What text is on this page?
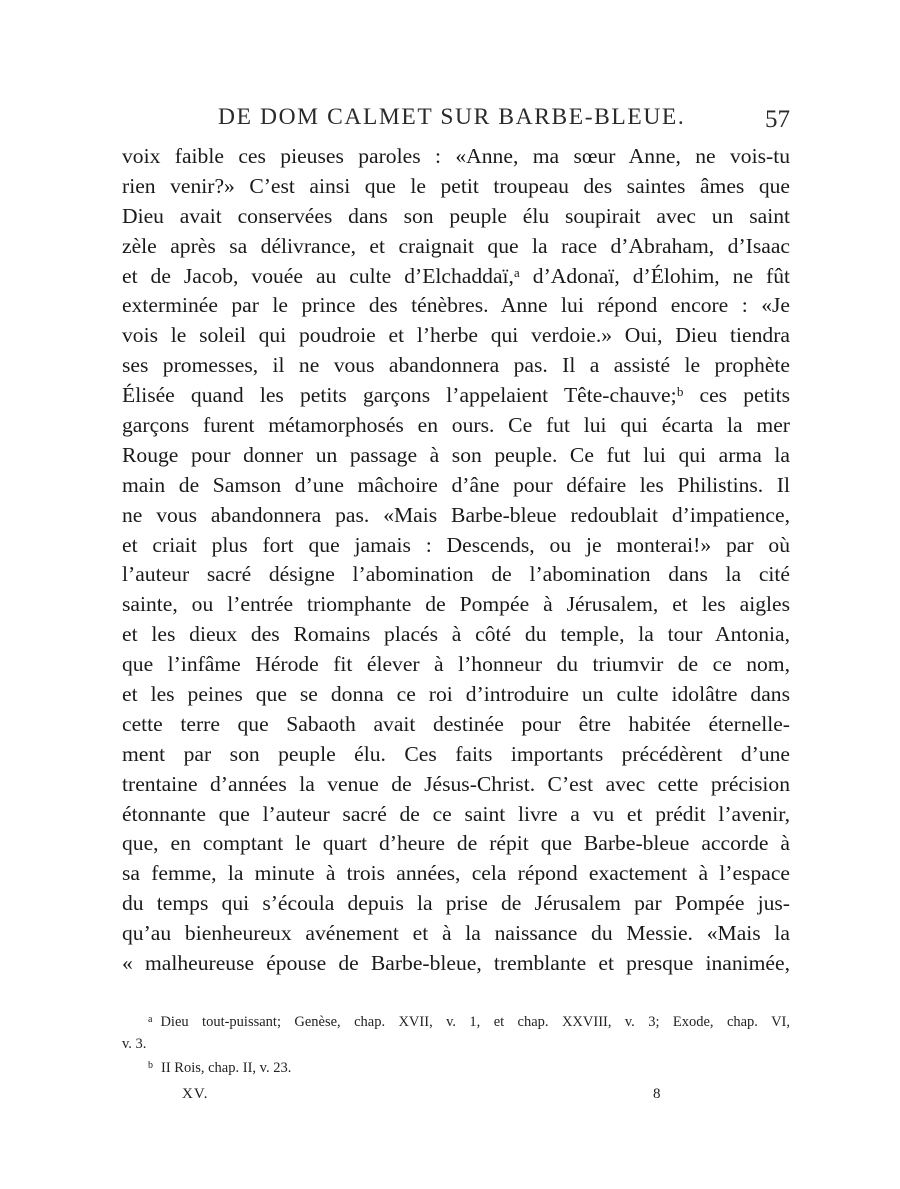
DE DOM CALMET SUR BARBE-BLEUE.	57
voix faible ces pieuses paroles : «Anne, ma sœur Anne, ne vois-tu
rien venir?» C’est ainsi que le petit troupeau des saintes âmes que
Dieu avait conservées dans son peuple élu soupirait avec un saint
zèle après sa délivrance, et craignait que la race d’Abraham, d’Isaac
et de Jacob, vouée au culte d’Elchaddaï,ᵃ d’Adonaï, d’Élohim, ne fût
exterminée par le prince des ténèbres. Anne lui répond encore : «Je
vois le soleil qui poudroie et l’herbe qui verdoie.» Oui, Dieu tiendra
ses promesses, il ne vous abandonnera pas. Il a assisté le prophète
Élisée quand les petits garçons l’appelaient Tête-chauve;ᵇ ces petits
garçons furent métamorphosés en ours. Ce fut lui qui écarta la mer
Rouge pour donner un passage à son peuple. Ce fut lui qui arma la
main de Samson d’une mâchoire d’âne pour défaire les Philistins. Il
ne vous abandonnera pas. «Mais Barbe-bleue redoublait d’impatience,
et criait plus fort que jamais : Descends, ou je monterai!» par où
l’auteur sacré désigne l’abomination de l’abomination dans la cité
sainte, ou l’entrée triomphante de Pompée à Jérusalem, et les aigles
et les dieux des Romains placés à côté du temple, la tour Antonia,
que l’infâme Hérode fit élever à l’honneur du triumvir de ce nom,
et les peines que se donna ce roi d’introduire un culte idolâtre dans
cette terre que Sabaoth avait destinée pour être habitée éternelle-
ment par son peuple élu. Ces faits importants précédèrent d’une
trentaine d’années la venue de Jésus-Christ. C’est avec cette précision
étonnante que l’auteur sacré de ce saint livre a vu et prédit l’avenir,
que, en comptant le quart d’heure de répit que Barbe-bleue accorde à
sa femme, la minute à trois années, cela répond exactement à l’espace
du temps qui s’écoula depuis la prise de Jérusalem par Pompée jus-
qu’au bienheureux avénement et à la naissance du Messie. «Mais la
« malheureuse épouse de Barbe-bleue, tremblante et presque inanimée,
$^a$ Dieu tout-puissant; Genèse, chap. XVII, v. 1, et chap. XXVIII, v. 3; Exode, chap. VI,
v. 3.
$^b$ II Rois, chap. II, v. 23.
XV.	8
